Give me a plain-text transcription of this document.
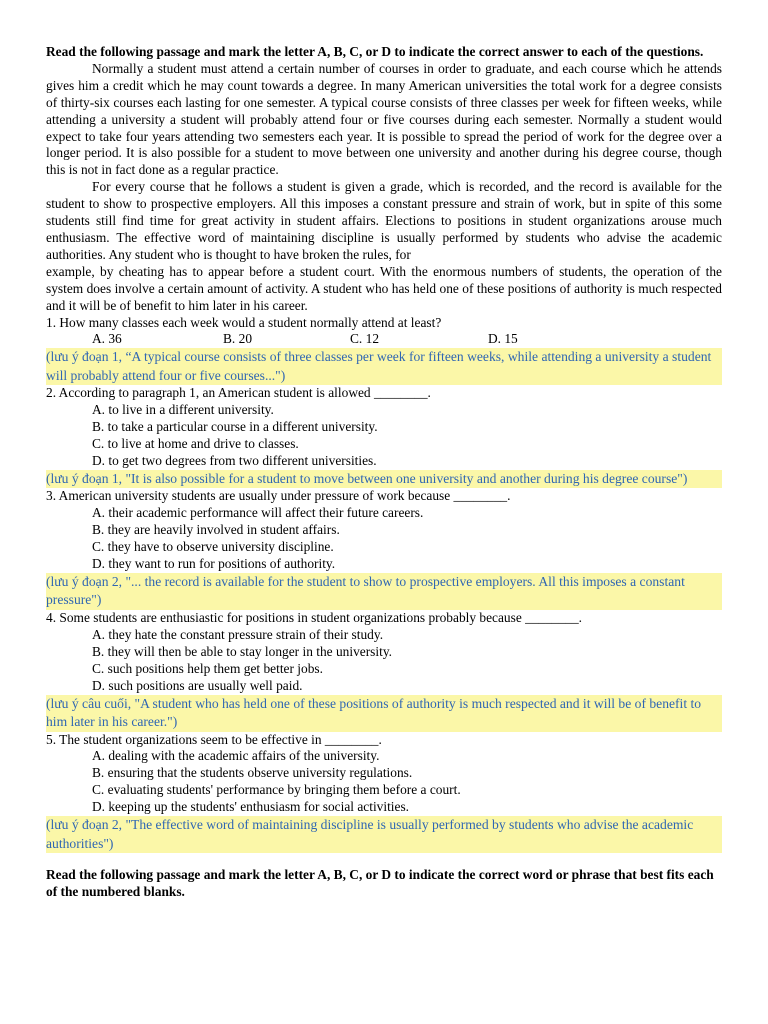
Read the following passage and mark the letter A, B, C, or D to indicate the correct answer to each of the questions.

Normally a student must attend a certain number of courses in order to graduate, and each course which he attends gives him a credit which he may count towards a degree. In many American universities the total work for a degree consists of thirty-six courses each lasting for one semester. A typical course consists of three classes per week for fifteen weeks, while attending a university a student will probably attend four or five courses during each semester. Normally a student would expect to take four years attending two semesters each year. It is possible to spread the period of work for the degree over a longer period. It is also possible for a student to move between one university and another during his degree course, though this is not in fact done as a regular practice.

For every course that he follows a student is given a grade, which is recorded, and the record is available for the student to show to prospective employers. All this imposes a constant pressure and strain of work, but in spite of this some students still find time for great activity in student affairs. Elections to positions in student organizations arouse much enthusiasm. The effective word of maintaining discipline is usually performed by students who advise the academic authorities. Any student who is thought to have broken the rules, for

example, by cheating has to appear before a student court. With the enormous numbers of students, the operation of the system does involve a certain amount of activity. A student who has held one of these positions of authority is much respected and it will be of benefit to him later in his career.

1. How many classes each week would a student normally attend at least?

A. 36	B. 20	C. 12	D. 15

(lưu ý đoạn 1, “A typical course consists of three classes per week for fifteen weeks, while attending a university a student will probably attend four or five courses...")

2. According to paragraph 1, an American student is allowed ________.

A. to live in a different university.

B. to take a particular course in a different university.

C. to live at home and drive to classes.

D. to get two degrees from two different universities.

(lưu ý đoạn 1, "It is also possible for a student to move between one university and another during his degree course")

3. American university students are usually under pressure of work because ________.

A. their academic performance will affect their future careers.

B. they are heavily involved in student affairs.

C. they have to observe university discipline.

D. they want to run for positions of authority.

(lưu ý đoạn 2, "... the record is available for the student to show to prospective employers. All this imposes a constant pressure")

4. Some students are enthusiastic for positions in student organizations probably because ________.

A. they hate the constant pressure strain of their study.

B. they will then be able to stay longer in the university.

C. such positions help them get better jobs.

D. such positions are usually well paid.

(lưu ý câu cuối, "A student who has held one of these positions of authority is much respected and it will be of benefit to him later in his career.")

5. The student organizations seem to be effective in ________.

A. dealing with the academic affairs of the university.

B. ensuring that the students observe university regulations.

C. evaluating students' performance by bringing them before a court.

D. keeping up the students' enthusiasm for social activities.

(lưu ý đoạn 2, "The effective word of maintaining discipline is usually performed by students who advise the academic authorities")

Read the following passage and mark the letter A, B, C, or D to indicate the correct word or phrase that best fits each of the numbered blanks.
